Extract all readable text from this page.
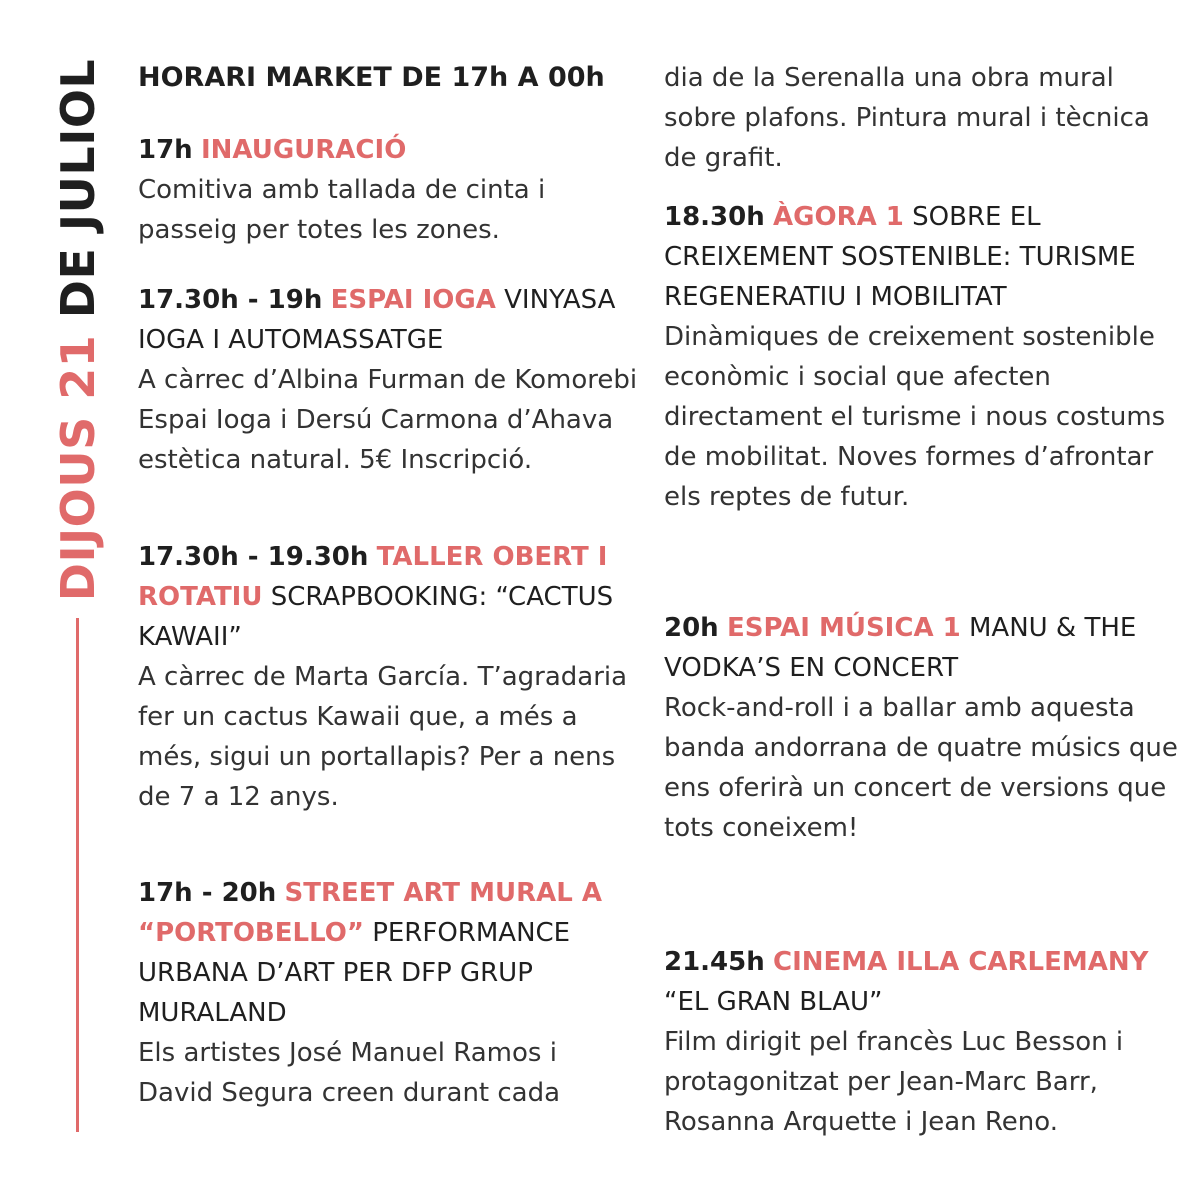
DIJOUS 21 DE JULIOL HORARI MARKET DE 17h A 00h

17h INAUGURACIÓ

Comitiva amb tallada de cinta i passeig per totes les zones.

17.30h - 19h ESPAI IOGA VINYASA IOGA I AUTOMASSATGE

A càrrec d’Albina Furman de Komorebi Espai Ioga i Dersú Carmona d’Ahava estètica natural. 5€ Inscripció.

17.30h - 19.30h TALLER OBERT I ROTATIU SCRAPBOOKING: “CACTUS KAWAII”

A càrrec de Marta García. T’agradaria fer un cactus Kawaii que, a més a més, sigui un portallapis? Per a nens de 7 a 12 anys.

17h - 20h STREET ART MURAL A “PORTOBELLO” PERFORMANCE URBANA D’ART PER DFP GRUP MURALAND

Els artistes José Manuel Ramos i David Segura creen durant cada

dia de la Serenalla una obra mural sobre plafons. Pintura mural i tècnica de grafit.

18.30h ÀGORA 1 SOBRE EL CREIXEMENT SOSTENIBLE: TURISME REGENERATIU I MOBILITAT

Dinàmiques de creixement sostenible econòmic i social que afecten directament el turisme i nous costums de mobilitat. Noves formes d’afrontar els reptes de futur.

20h ESPAI MÚSICA 1 MANU & THE VODKA’S EN CONCERT

Rock-and-roll i a ballar amb aquesta banda andorrana de quatre músics que ens oferirà un concert de versions que tots coneixem!

21.45h CINEMA ILLA CARLEMANY “EL GRAN BLAU”

Film dirigit pel francès Luc Besson i protagonitzat per Jean-Marc Barr, Rosanna Arquette i Jean Reno.
